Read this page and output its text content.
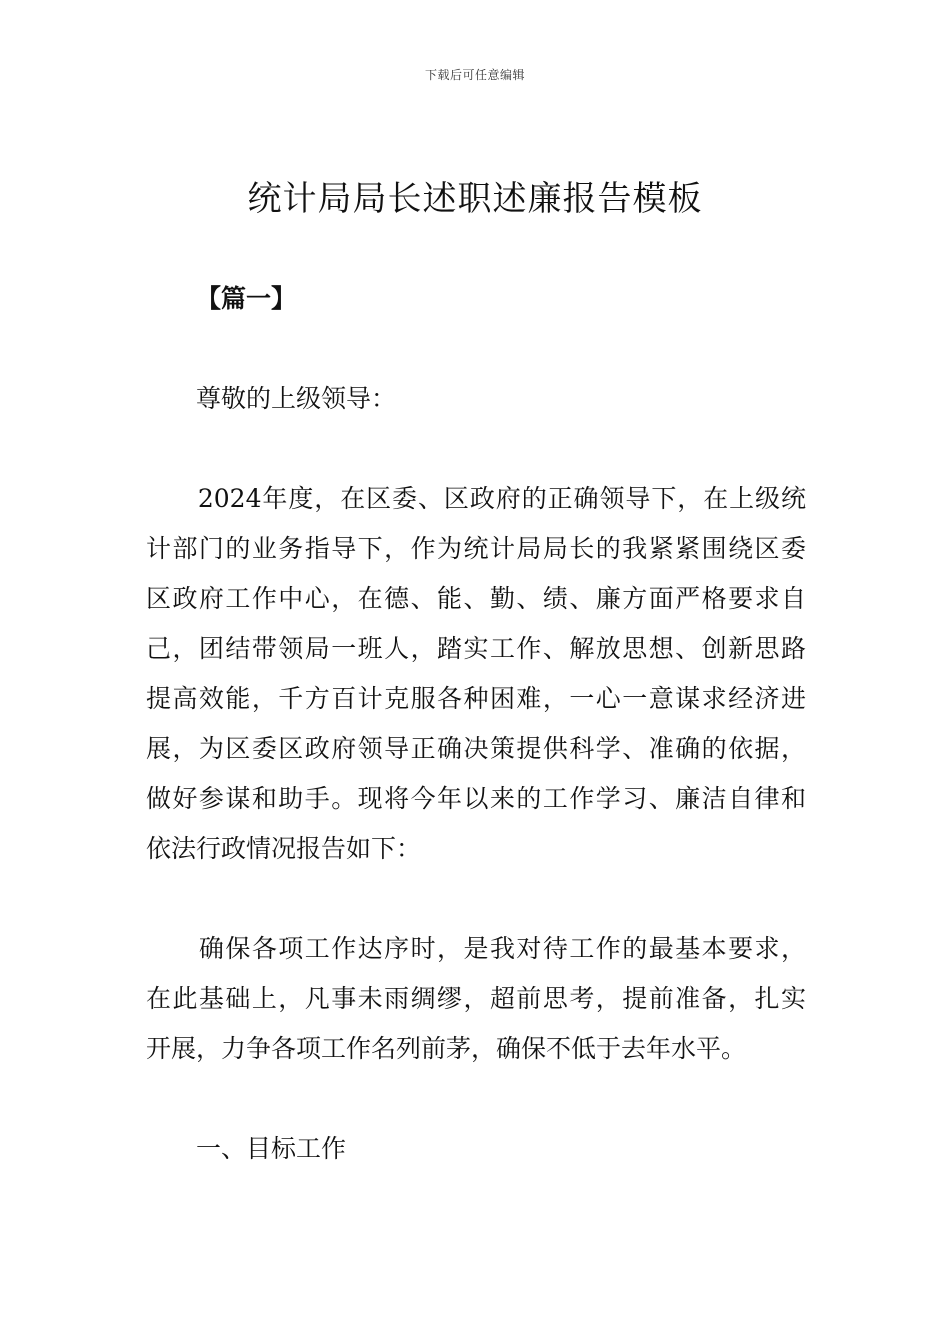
下载后可任意编辑
统计局局长述职述廉报告模板
【篇一】
尊敬的上级领导：
　　2024年度，在区委、区政府的正确领导下，在上级统
计部门的业务指导下，作为统计局局长的我紧紧围绕区委
区政府工作中心，在德、能、勤、绩、廉方面严格要求自
己，团结带领局一班人，踏实工作、解放思想、创新思路
提高效能，千方百计克服各种困难，一心一意谋求经济进
展，为区委区政府领导正确决策提供科学、准确的依据，
做好参谋和助手。现将今年以来的工作学习、廉洁自律和
依法行政情况报告如下：
　　确保各项工作达序时，是我对待工作的最基本要求，
在此基础上，凡事未雨绸缪，超前思考，提前准备，扎实
开展，力争各项工作名列前茅，确保不低于去年水平。
一、目标工作
